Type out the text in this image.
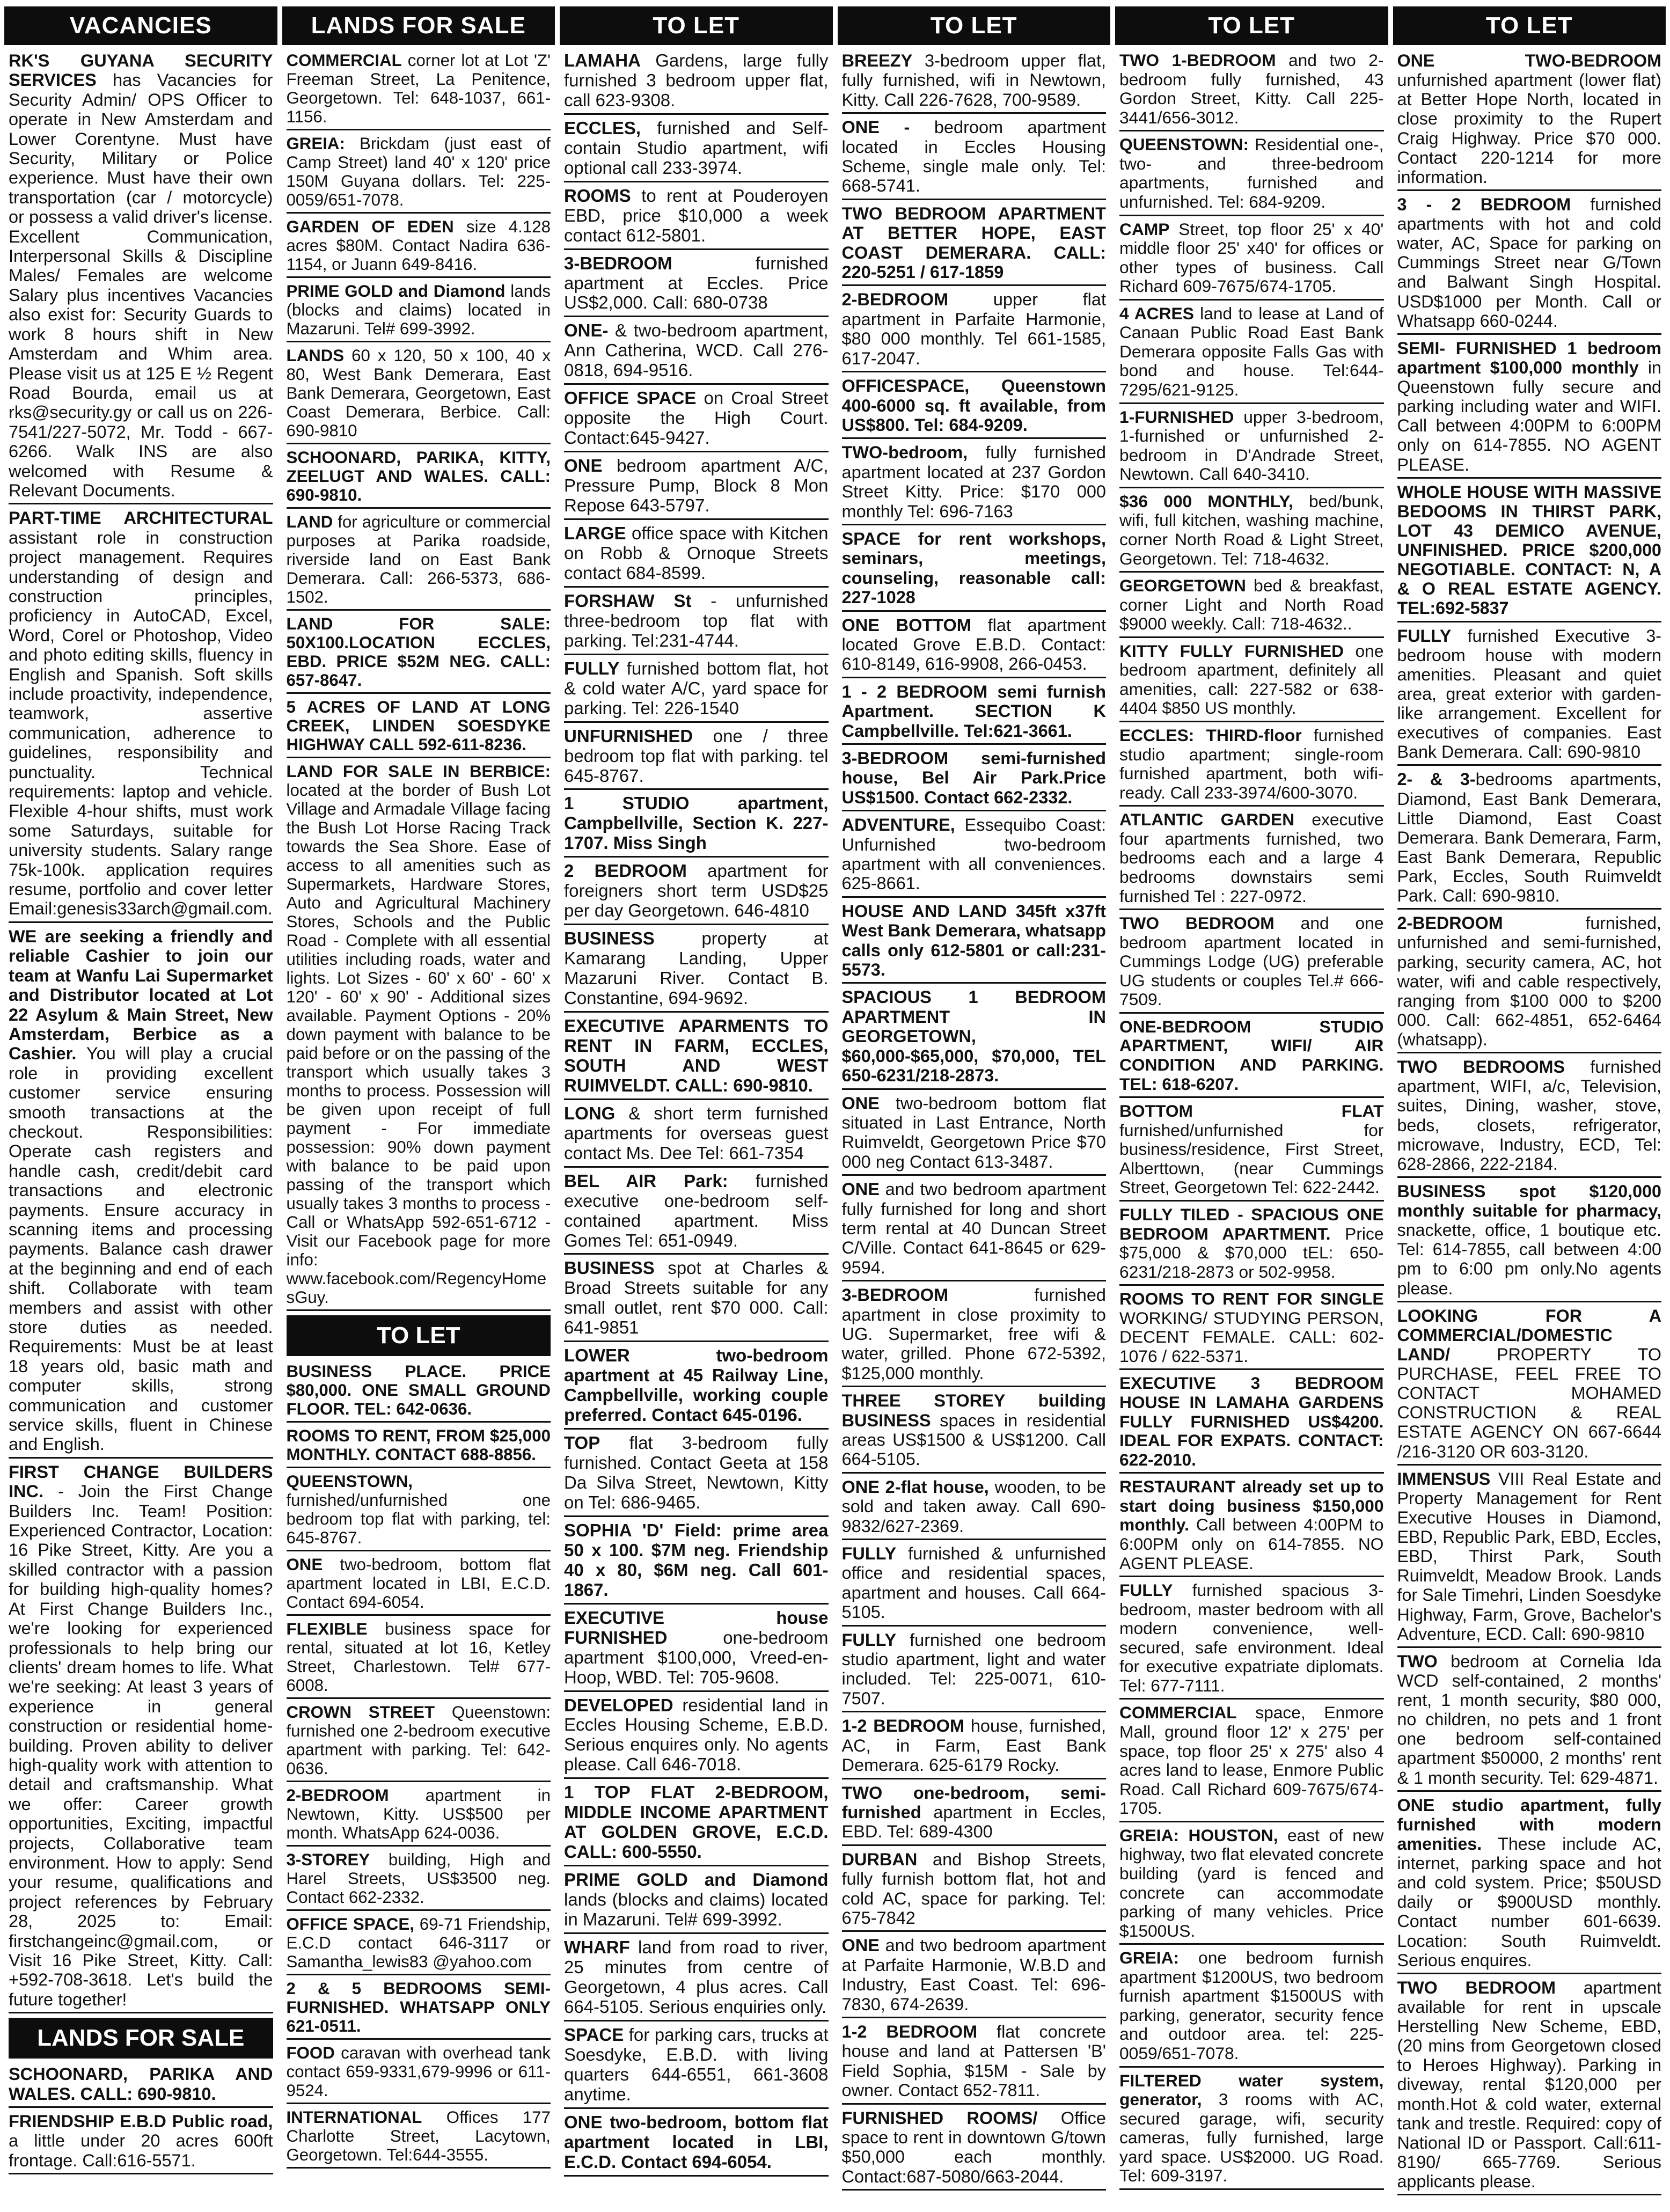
VACANCIES
RK'S GUYANA SECURITY SERVICES has Vacancies for Security Admin/ OPS Officer to operate in New Amsterdam and Lower Corentyne. Must have Security, Military or Police experience. Must have their own transportation (car / motorcycle) or possess a valid driver's license. Excellent Communication, Interpersonal Skills & Discipline Males/ Females are welcome Salary plus incentives Vacancies also exist for: Security Guards to work 8 hours shift in New Amsterdam and Whim area. Please visit us at 125 E ½ Regent Road Bourda, email us at rks@security.gy or call us on 226-7541/227-5072, Mr. Todd - 667-6266. Walk INS are also welcomed with Resume & Relevant Documents.
PART-TIME ARCHITECTURAL assistant role in construction project management. Requires understanding of design and construction principles, proficiency in AutoCAD, Excel, Word, Corel or Photoshop, Video and photo editing skills, fluency in English and Spanish. Soft skills include proactivity, independence, teamwork, assertive communication, adherence to guidelines, responsibility and punctuality. Technical requirements: laptop and vehicle. Flexible 4-hour shifts, must work some Saturdays, suitable for university students. Salary range 75k-100k. application requires resume, portfolio and cover letter Email:genesis33arch@gmail.com.
WE are seeking a friendly and reliable Cashier to join our team at Wanfu Lai Supermarket and Distributor located at Lot 22 Asylum & Main Street, New Amsterdam, Berbice as a Cashier. You will play a crucial role in providing excellent customer service ensuring smooth transactions at the checkout. Responsibilities: Operate cash registers and handle cash, credit/debit card transactions and electronic payments. Ensure accuracy in scanning items and processing payments. Balance cash drawer at the beginning and end of each shift. Collaborate with team members and assist with other store duties as needed. Requirements: Must be at least 18 years old, basic math and computer skills, strong communication and customer service skills, fluent in Chinese and English.
FIRST CHANGE BUILDERS INC. - Join the First Change Builders Inc. Team! Position: Experienced Contractor, Location: 16 Pike Street, Kitty. Are you a skilled contractor with a passion for building high-quality homes? At First Change Builders Inc., we're looking for experienced professionals to help bring our clients' dream homes to life. What we're seeking: At least 3 years of experience in general construction or residential home-building. Proven ability to deliver high-quality work with attention to detail and craftsmanship. What we offer: Career growth opportunities, Exciting, impactful projects, Collaborative team environment. How to apply: Send your resume, qualifications and project references by February 28, 2025 to: Email: firstchangeinc@gmail.com, or Visit 16 Pike Street, Kitty. Call: +592-708-3618. Let's build the future together!
LANDS FOR SALE
SCHOONARD, PARIKA AND WALES. CALL: 690-9810.
FRIENDSHIP E.B.D Public road, a little under 20 acres 600ft frontage. Call:616-5571.
LANDS FOR SALE
COMMERCIAL corner lot at Lot 'Z' Freeman Street, La Penitence, Georgetown. Tel: 648-1037, 661-1156.
GREIA: Brickdam (just east of Camp Street) land 40' x 120' price 150M Guyana dollars. Tel: 225-0059/651-7078.
GARDEN OF EDEN size 4.128 acres $80M. Contact Nadira 636-1154, or Juann 649-8416.
PRIME GOLD and Diamond lands (blocks and claims) located in Mazaruni. Tel# 699-3992.
LANDS 60 x 120, 50 x 100, 40 x 80, West Bank Demerara, East Bank Demerara, Georgetown, East Coast Demerara, Berbice. Call: 690-9810
SCHOONARD, PARIKA, KITTY, ZEELUGT AND WALES. CALL: 690-9810.
LAND for agriculture or commercial purposes at Parika roadside, riverside land on East Bank Demerara. Call: 266-5373, 686-1502.
LAND FOR SALE: 50X100.LOCATION ECCLES, EBD. PRICE $52M NEG. CALL: 657-8647.
5 ACRES OF LAND AT LONG CREEK, LINDEN SOESDYKE HIGHWAY CALL 592-611-8236.
LAND FOR SALE IN BERBICE: located at the border of Bush Lot Village and Armadale Village facing the Bush Lot Horse Racing Track towards the Sea Shore. Ease of access to all amenities such as Supermarkets, Hardware Stores, Auto and Agricultural Machinery Stores, Schools and the Public Road - Complete with all essential utilities including roads, water and lights. Lot Sizes - 60' x 60' - 60' x 120' - 60' x 90' - Additional sizes available. Payment Options - 20% down payment with balance to be paid before or on the passing of the transport which usually takes 3 months to process. Possession will be given upon receipt of full payment - For immediate possession: 90% down payment with balance to be paid upon passing of the transport which usually takes 3 months to process - Call or WhatsApp 592-651-6712 - Visit our Facebook page for more info: www.facebook.com/RegencyHomesGuy.
TO LET
BUSINESS PLACE. PRICE $80,000. ONE SMALL GROUND FLOOR. TEL: 642-0636.
ROOMS TO RENT, FROM $25,000 MONTHLY. CONTACT 688-8856.
QUEENSTOWN, furnished/unfurnished one bedroom top flat with parking, tel: 645-8767.
ONE two-bedroom, bottom flat apartment located in LBI, E.C.D. Contact 694-6054.
FLEXIBLE business space for rental, situated at lot 16, Ketley Street, Charlestown. Tel# 677-6008.
CROWN STREET Queenstown: furnished one 2-bedroom executive apartment with parking. Tel: 642-0636.
2-BEDROOM apartment in Newtown, Kitty. US$500 per month. WhatsApp 624-0036.
3-STOREY building, High and Harel Streets, US$3500 neg. Contact 662-2332.
OFFICE SPACE, 69-71 Friendship, E.C.D contact 646-3117 or Samantha_lewis83 @yahoo.com
2 & 5 BEDROOMS SEMI-FURNISHED. WHATSAPP ONLY 621-0511.
FOOD caravan with overhead tank contact 659-9331,679-9996 or 611-9524.
INTERNATIONAL Offices 177 Charlotte Street, Lacytown, Georgetown. Tel:644-3555.
TO LET
LAMAHA Gardens, large fully furnished 3 bedroom upper flat, call 623-9308.
ECCLES, furnished and Self-contain Studio apartment, wifi optional call 233-3974.
ROOMS to rent at Pouderoyen EBD, price $10,000 a week contact 612-5801.
3-BEDROOM furnished apartment at Eccles. Price US$2,000. Call: 680-0738
ONE- & two-bedroom apartment, Ann Catherina, WCD. Call 276-0818, 694-9516.
OFFICE SPACE on Croal Street opposite the High Court. Contact:645-9427.
ONE bedroom apartment A/C, Pressure Pump, Block 8 Mon Repose 643-5797.
LARGE office space with Kitchen on Robb & Ornoque Streets contact 684-8599.
FORSHAW St - unfurnished three-bedroom top flat with parking. Tel:231-4744.
FULLY furnished bottom flat, hot & cold water A/C, yard space for parking. Tel: 226-1540
UNFURNISHED one / three bedroom top flat with parking. tel 645-8767.
1 STUDIO apartment, Campbellville, Section K. 227-1707. Miss Singh
2 BEDROOM apartment for foreigners short term USD$25 per day Georgetown. 646-4810
BUSINESS property at Kamarang Landing, Upper Mazaruni River. Contact B. Constantine, 694-9692.
EXECUTIVE APARMENTS TO RENT IN FARM, ECCLES, SOUTH AND WEST RUIMVELDT. CALL: 690-9810.
LONG & short term furnished apartments for overseas guest contact Ms. Dee Tel: 661-7354
BEL AIR Park: furnished executive one-bedroom self-contained apartment. Miss Gomes Tel: 651-0949.
BUSINESS spot at Charles & Broad Streets suitable for any small outlet, rent $70 000. Call: 641-9851
LOWER two-bedroom apartment at 45 Railway Line, Campbellville, working couple preferred. Contact 645-0196.
TOP flat 3-bedroom fully furnished. Contact Geeta at 158 Da Silva Street, Newtown, Kitty on Tel: 686-9465.
SOPHIA 'D' Field: prime area 50 x 100. $7M neg. Friendship 40 x 80, $6M neg. Call 601-1867.
EXECUTIVE house FURNISHED one-bedroom apartment $100,000, Vreed-en-Hoop, WBD. Tel: 705-9608.
DEVELOPED residential land in Eccles Housing Scheme, E.B.D. Serious enquires only. No agents please. Call 646-7018.
1 TOP FLAT 2-BEDROOM, MIDDLE INCOME APARTMENT AT GOLDEN GROVE, E.C.D. CALL: 600-5550.
PRIME GOLD and Diamond lands (blocks and claims) located in Mazaruni. Tel# 699-3992.
WHARF land from road to river, 25 minutes from centre of Georgetown, 4 plus acres. Call 664-5105. Serious enquiries only.
SPACE for parking cars, trucks at Soesdyke, E.B.D. with living quarters 644-6551, 661-3608 anytime.
ONE two-bedroom, bottom flat apartment located in LBI, E.C.D. Contact 694-6054.
TO LET
BREEZY 3-bedroom upper flat, fully furnished, wifi in Newtown, Kitty. Call 226-7628, 700-9589.
ONE - bedroom apartment located in Eccles Housing Scheme, single male only. Tel: 668-5741.
TWO BEDROOM APARTMENT AT BETTER HOPE, EAST COAST DEMERARA. CALL: 220-5251 / 617-1859
2-BEDROOM upper flat apartment in Parfaite Harmonie, $80 000 monthly. Tel 661-1585, 617-2047.
OFFICESPACE, Queenstown 400-6000 sq. ft available, from US$800. Tel: 684-9209.
TWO-bedroom, fully furnished apartment located at 237 Gordon Street Kitty. Price: $170 000 monthly Tel: 696-7163
SPACE for rent workshops, seminars, meetings, counseling, reasonable call: 227-1028
ONE BOTTOM flat apartment located Grove E.B.D. Contact: 610-8149, 616-9908, 266-0453.
1 - 2 BEDROOM semi furnish Apartment. SECTION K Campbellville. Tel:621-3661.
3-BEDROOM semi-furnished house, Bel Air Park.Price US$1500. Contact 662-2332.
ADVENTURE, Essequibo Coast: Unfurnished two-bedroom apartment with all conveniences. 625-8661.
HOUSE AND LAND 345ft x37ft West Bank Demerara, whatsapp calls only 612-5801 or call:231-5573.
SPACIOUS 1 BEDROOM APARTMENT IN GEORGETOWN, $60,000-$65,000, $70,000, TEL 650-6231/218-2873.
ONE two-bedroom bottom flat situated in Last Entrance, North Ruimveldt, Georgetown Price $70 000 neg Contact 613-3487.
ONE and two bedroom apartment fully furnished for long and short term rental at 40 Duncan Street C/Ville. Contact 641-8645 or 629-9594.
3-BEDROOM furnished apartment in close proximity to UG. Supermarket, free wifi & water, grilled. Phone 672-5392, $125,000 monthly.
THREE STOREY building BUSINESS spaces in residential areas US$1500 & US$1200. Call 664-5105.
ONE 2-flat house, wooden, to be sold and taken away. Call 690-9832/627-2369.
FULLY furnished & unfurnished office and residential spaces, apartment and houses. Call 664-5105.
FULLY furnished one bedroom studio apartment, light and water included. Tel: 225-0071, 610-7507.
1-2 BEDROOM house, furnished, AC, in Farm, East Bank Demerara. 625-6179 Rocky.
TWO one-bedroom, semi-furnished apartment in Eccles, EBD. Tel: 689-4300
DURBAN and Bishop Streets, fully furnish bottom flat, hot and cold AC, space for parking. Tel: 675-7842
ONE and two bedroom apartment at Parfaite Harmonie, W.B.D and Industry, East Coast. Tel: 696-7830, 674-2639.
1-2 BEDROOM flat concrete house and land at Pattersen 'B' Field Sophia, $15M - Sale by owner. Contact 652-7811.
FURNISHED ROOMS/ Office space to rent in downtown G/town $50,000 each monthly. Contact:687-5080/663-2044.
TO LET
TWO 1-BEDROOM and two 2-bedroom fully furnished, 43 Gordon Street, Kitty. Call 225- 3441/656-3012.
QUEENSTOWN: Residential one-, two- and three-bedroom apartments, furnished and unfurnished. Tel: 684-9209.
CAMP Street, top floor 25' x 40' middle floor 25' x40' for offices or other types of business. Call Richard 609-7675/674-1705.
4 ACRES land to lease at Land of Canaan Public Road East Bank Demerara opposite Falls Gas with bond and house. Tel:644-7295/621-9125.
1-FURNISHED upper 3-bedroom, 1-furnished or unfurnished 2-bedroom in D'Andrade Street, Newtown. Call 640-3410.
$36 000 MONTHLY, bed/bunk, wifi, full kitchen, washing machine, corner North Road & Light Street, Georgetown. Tel: 718-4632.
GEORGETOWN bed & breakfast, corner Light and North Road $9000 weekly. Call: 718-4632..
KITTY FULLY FURNISHED one bedroom apartment, definitely all amenities, call: 227-582 or 638-4404 $850 US monthly.
ECCLES: THIRD-floor furnished studio apartment; single-room furnished apartment, both wifi-ready. Call 233-3974/600-3070.
ATLANTIC GARDEN executive four apartments furnished, two bedrooms each and a large 4 bedrooms downstairs semi furnished Tel : 227-0972.
TWO BEDROOM and one bedroom apartment located in Cummings Lodge (UG) preferable UG students or couples Tel.# 666-7509.
ONE-BEDROOM STUDIO APARTMENT, WIFI/ AIR CONDITION AND PARKING. TEL: 618-6207.
BOTTOM FLAT furnished/unfurnished for business/residence, First Street, Alberttown, (near Cummings Street, Georgetown Tel: 622-2442.
FULLY TILED - SPACIOUS ONE BEDROOM APARTMENT. Price $75,000 & $70,000 tEL: 650-6231/218-2873 or 502-9958.
ROOMS TO RENT FOR SINGLE WORKING/ STUDYING PERSON, DECENT FEMALE. CALL: 602-1076 / 622-5371.
EXECUTIVE 3 BEDROOM HOUSE IN LAMAHA GARDENS FULLY FURNISHED US$4200. IDEAL FOR EXPATS. CONTACT: 622-2010.
RESTAURANT already set up to start doing business $150,000 monthly. Call between 4:00PM to 6:00PM only on 614-7855. NO AGENT PLEASE.
FULLY furnished spacious 3-bedroom, master bedroom with all modern convenience, well-secured, safe environment. Ideal for executive expatriate diplomats. Tel: 677-7111.
COMMERCIAL space, Enmore Mall, ground floor 12' x 275' per space, top floor 25' x 275' also 4 acres land to lease, Enmore Public Road. Call Richard 609-7675/674-1705.
GREIA: HOUSTON, east of new highway, two flat elevated concrete building (yard is fenced and concrete can accommodate parking of many vehicles. Price $1500US.
GREIA: one bedroom furnish apartment $1200US, two bedroom furnish apartment $1500US with parking, generator, security fence and outdoor area. tel: 225-0059/651-7078.
FILTERED water system, generator, 3 rooms with AC, secured garage, wifi, security cameras, fully furnished, large yard space. US$2000. UG Road. Tel: 609-3197.
TO LET
ONE TWO-BEDROOM unfurnished apartment (lower flat) at Better Hope North, located in close proximity to the Rupert Craig Highway. Price $70 000. Contact 220-1214 for more information.
3 - 2 BEDROOM furnished apartments with hot and cold water, AC, Space for parking on Cummings Street near G/Town and Balwant Singh Hospital. USD$1000 per Month. Call or Whatsapp 660-0244.
SEMI- FURNISHED 1 bedroom apartment $100,000 monthly in Queenstown fully secure and parking including water and WIFI. Call between 4:00PM to 6:00PM only on 614-7855. NO AGENT PLEASE.
WHOLE HOUSE WITH MASSIVE BEDOOMS IN THIRST PARK, LOT 43 DEMICO AVENUE, UNFINISHED. PRICE $200,000 NEGOTIABLE. CONTACT: N, A & O REAL ESTATE AGENCY. TEL:692-5837
FULLY furnished Executive 3- bedroom house with modern amenities. Pleasant and quiet area, great exterior with garden-like arrangement. Excellent for executives of companies. East Bank Demerara. Call: 690-9810
2- & 3-bedrooms apartments, Diamond, East Bank Demerara, Little Diamond, East Coast Demerara. Bank Demerara, Farm, East Bank Demerara, Republic Park, Eccles, South Ruimveldt Park. Call: 690-9810.
2-BEDROOM furnished, unfurnished and semi-furnished, parking, security camera, AC, hot water, wifi and cable respectively, ranging from $100 000 to $200 000. Call: 662-4851, 652-6464 (whatsapp).
TWO BEDROOMS furnished apartment, WIFI, a/c, Television, suites, Dining, washer, stove, beds, closets, refrigerator, microwave, Industry, ECD, Tel: 628-2866, 222-2184.
BUSINESS spot $120,000 monthly suitable for pharmacy, snackette, office, 1 boutique etc. Tel: 614-7855, call between 4:00 pm to 6:00 pm only.No agents please.
LOOKING FOR A COMMERCIAL/DOMESTIC LAND/ PROPERTY TO PURCHASE, FEEL FREE TO CONTACT MOHAMED CONSTRUCTION & REAL ESTATE AGENCY ON 667-6644 /216-3120 OR 603-3120.
IMMENSUS VIII Real Estate and Property Management for Rent Executive Houses in Diamond, EBD, Republic Park, EBD, Eccles, EBD, Thirst Park, South Ruimveldt, Meadow Brook. Lands for Sale Timehri, Linden Soesdyke Highway, Farm, Grove, Bachelor's Adventure, ECD. Call: 690-9810
TWO bedroom at Cornelia Ida WCD self-contained, 2 months' rent, 1 month security, $80 000, no children, no pets and 1 front one bedroom self-contained apartment $50000, 2 months' rent & 1 month security. Tel: 629-4871.
ONE studio apartment, fully furnished with modern amenities. These include AC, internet, parking space and hot and cold system. Price; $50USD daily or $900USD monthly. Contact number 601-6639. Location: South Ruimveldt. Serious enquires.
TWO BEDROOM apartment available for rent in upscale Herstelling New Scheme, EBD, (20 mins from Georgetown closed to Heroes Highway). Parking in diveway, rental $120,000 per month.Hot & cold water, external tank and trestle. Required: copy of National ID or Passport. Call:611-8190/ 665-7769. Serious applicants please.
